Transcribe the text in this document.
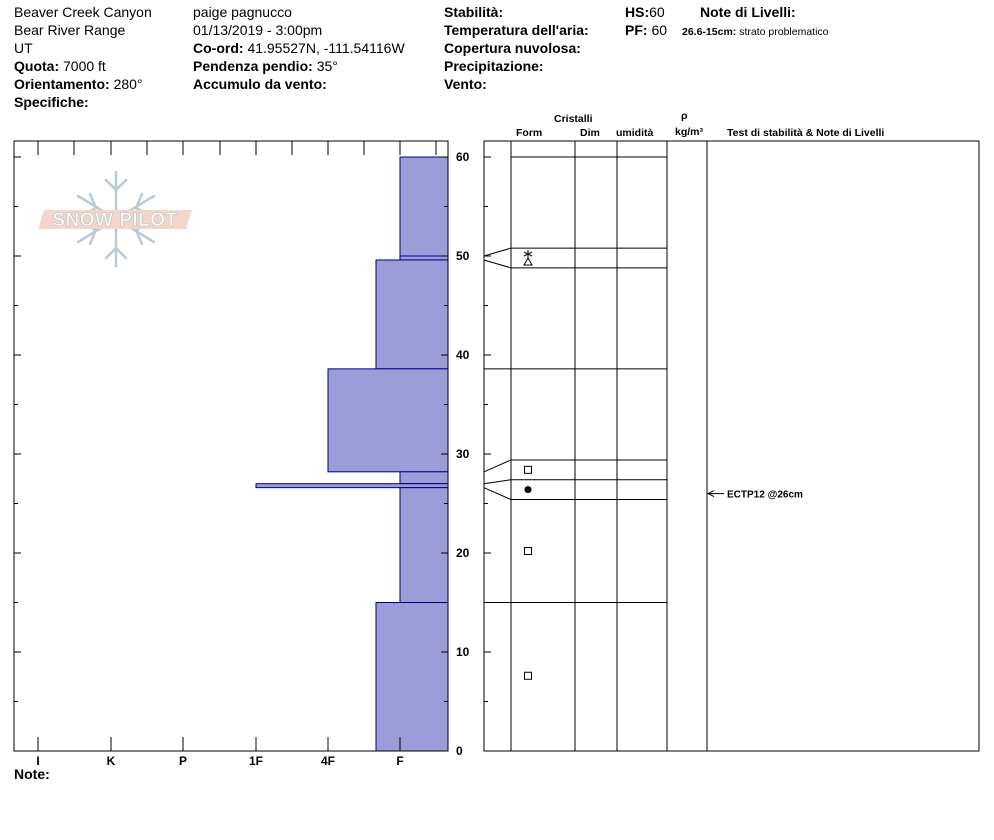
Beaver Creek Canyon
Bear River Range
UT
Quota: 7000 ft
Orientamento: 280°
Specifiche:
paige pagnucco
01/13/2019 - 3:00pm
Co-ord: 41.95527N, -111.54116W
Pendenza pendio: 35°
Accumulo da vento:
Stabilità:
Temperatura dell'aria:
Copertura nuvolosa:
Precipitazione:
Vento:
HS:60
PF: 60
Note di Livelli:
26.6-15cm: strato problematico
Cristalli
Form	Dim umidità
ρ
kg/m³ Test di stabilità & Note di Livelli
Note:
SNOW PILOT
0
10
20
30
40
50
60
I	K	P	1F	4F	F
ECTP12 @26cm
